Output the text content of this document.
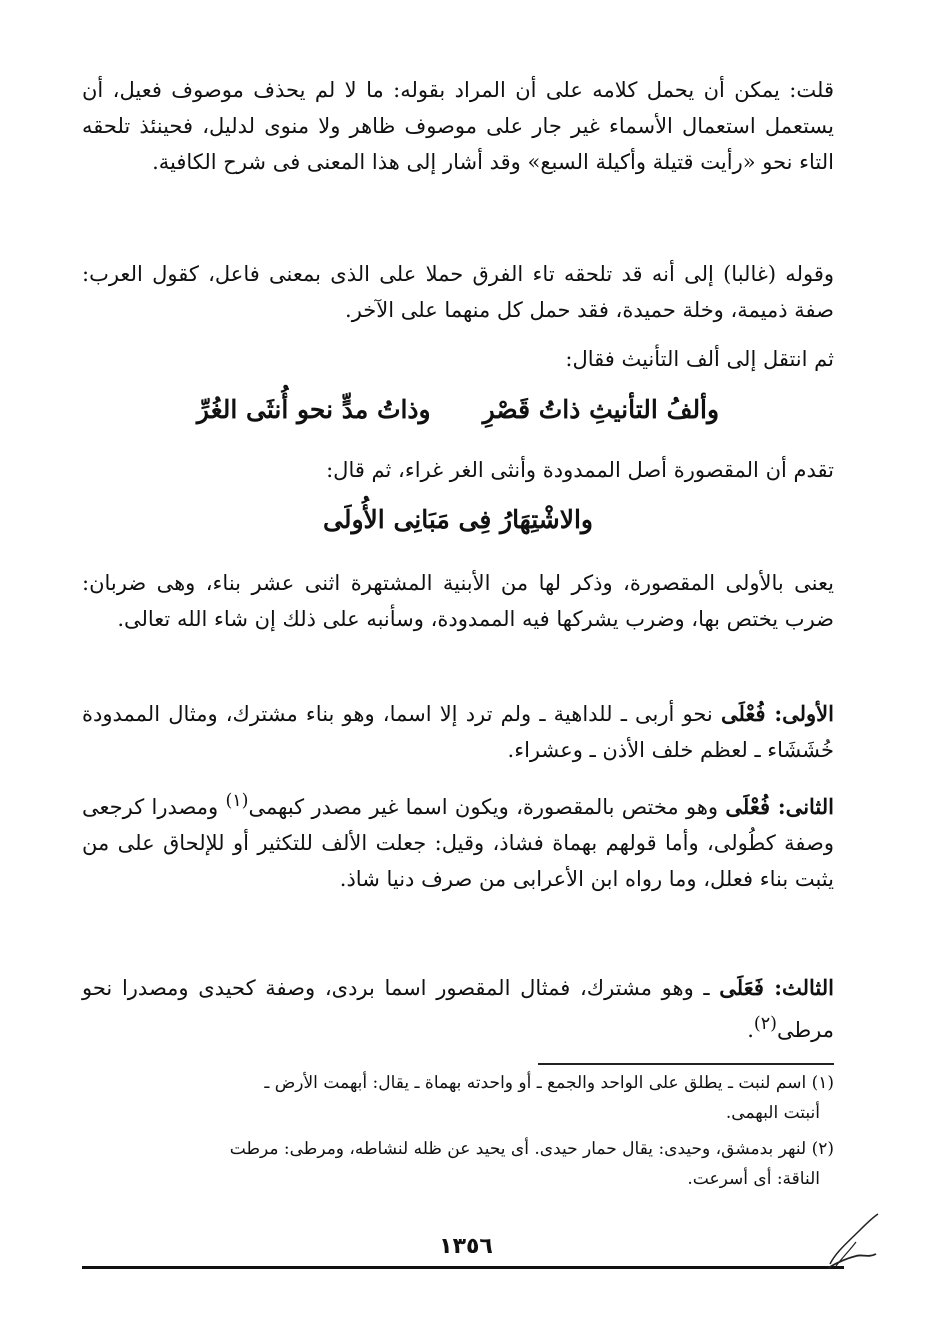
قلت: يمكن أن يحمل كلامه على أن المراد بقوله: ما لا لم يحذف موصوف فعيل، أن يستعمل استعمال الأسماء غير جار على موصوف ظاهر ولا منوى لدليل، فحينئذ تلحقه التاء نحو «رأيت قتيلة وأكيلة السبع» وقد أشار إلى هذا المعنى فى شرح الكافية.

وقوله (غالبا) إلى أنه قد تلحقه تاء الفرق حملا على الذى بمعنى فاعل، كقول العرب: صفة ذميمة، وخلة حميدة، فقد حمل كل منهما على الآخر.

ثم انتقل إلى ألف التأنيث فقال:

وألفُ التأنيثِ ذاتُ قَصْرِوذاتُ مدٍّ نحو أُنثَى الغُرِّ

تقدم أن المقصورة أصل الممدودة وأنثى الغر غراء، ثم قال:

والاشْتِهَارُ فِى مَبَانِى الأُولَى

يعنى بالأولى المقصورة، وذكر لها من الأبنية المشتهرة اثنى عشر بناء، وهى ضربان: ضرب يختص بها، وضرب يشركها فيه الممدودة، وسأنبه على ذلك إن شاء الله تعالى.

الأولى: فُعْلَى نحو أربى ـ للداهية ـ ولم ترد إلا اسما، وهو بناء مشترك، ومثال الممدودة خُشَشَاء ـ لعظم خلف الأذن ـ وعشراء.

الثانى: فُعْلَى وهو مختص بالمقصورة، ويكون اسما غير مصدر كبهمى$^{(١)}$ ومصدرا كرجعى وصفة كطُولى، وأما قولهم بهماة فشاذ، وقيل: جعلت الألف للتكثير أو للإلحاق على من يثبت بناء فعلل، وما رواه ابن الأعرابى من صرف دنيا شاذ.

الثالث: فَعَلَى ـ وهو مشترك، فمثال المقصور اسما بردى، وصفة كحيدى ومصدرا نحو مرطى$^{(٢)}$.

(١) اسم لنبت ـ يطلق على الواحد والجمع ـ أو واحدته بهماة ـ يقال: أبهمت الأرض ـ
أنبتت البهمى.
(٢) لنهر بدمشق، وحيدى: يقال حمار حيدى. أى يحيد عن ظله لنشاطه، ومرطى: مرطت
الناقة: أى أسرعت.
١٣٥٦
